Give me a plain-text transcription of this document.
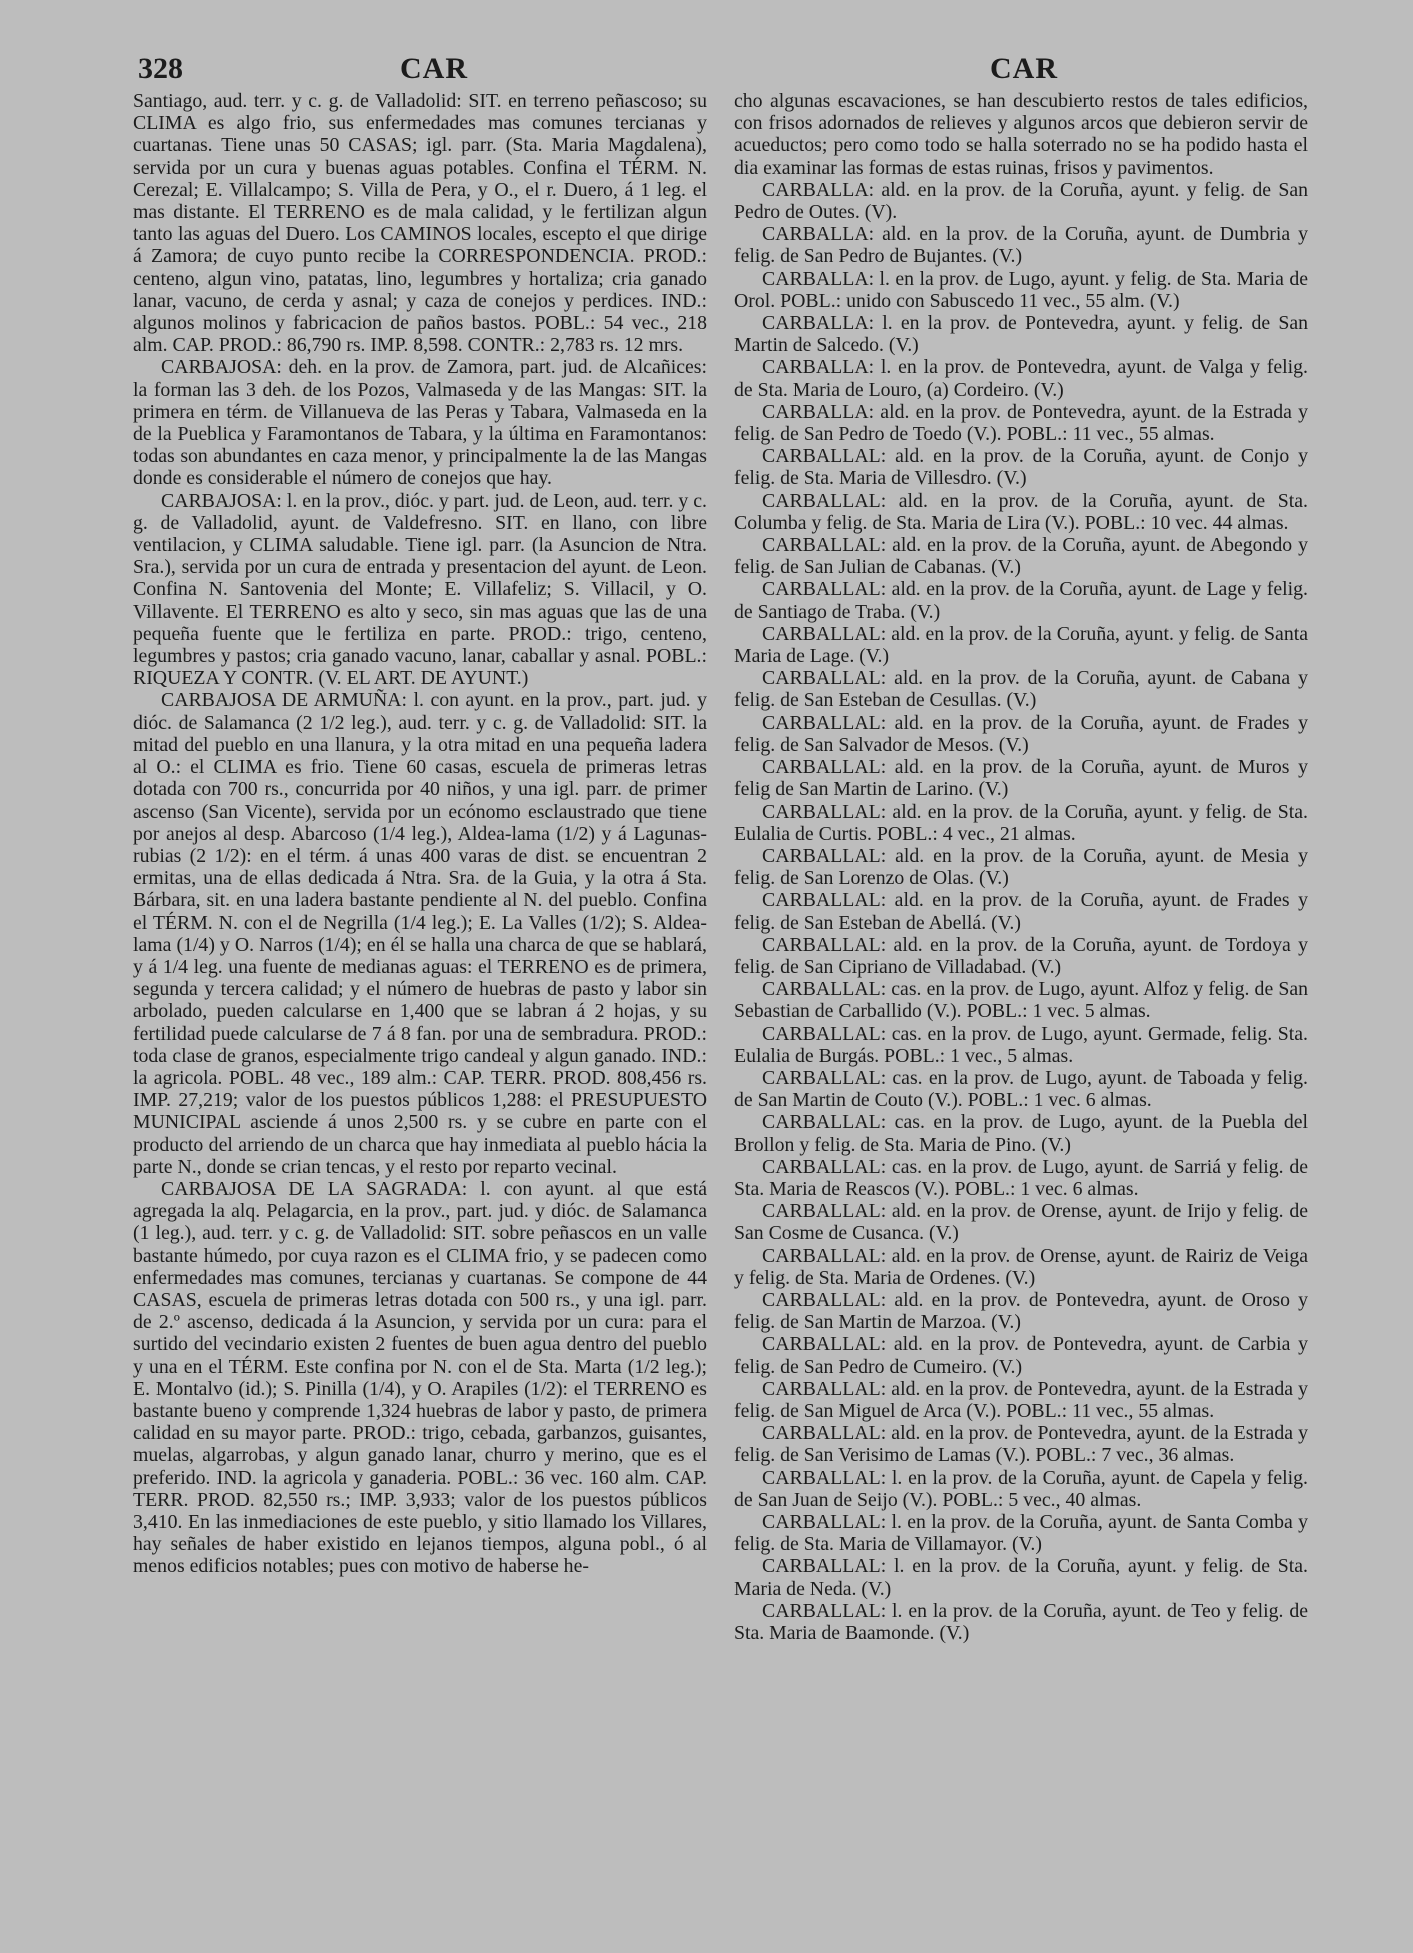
328	CAR	CAR

Santiago, aud. terr. y c. g. de Valladolid: SIT. en terreno peñascoso; su CLIMA es algo frio, sus enfermedades mas comunes tercianas y cuartanas. Tiene unas 50 CASAS; igl. parr. (Sta. Maria Magdalena), servida por un cura y buenas aguas potables. Confina el TÉRM. N. Cerezal; E. Villalcampo; S. Villa de Pera, y O., el r. Duero, á 1 leg. el mas distante. El TERRENO es de mala calidad, y le fertilizan algun tanto las aguas del Duero. Los CAMINOS locales, escepto el que dirige á Zamora; de cuyo punto recibe la CORRESPONDENCIA. PROD.: centeno, algun vino, patatas, lino, legumbres y hortaliza; cria ganado lanar, vacuno, de cerda y asnal; y caza de conejos y perdices. IND.: algunos molinos y fabricacion de paños bastos. POBL.: 54 vec., 218 alm. CAP. PROD.: 86,790 rs. IMP. 8,598. CONTR.: 2,783 rs. 12 mrs.

CARBAJOSA: deh. en la prov. de Zamora, part. jud. de Alcañices: la forman las 3 deh. de los Pozos, Valmaseda y de las Mangas: SIT. la primera en térm. de Villanueva de las Peras y Tabara, Valmaseda en la de la Pueblica y Faramontanos de Tabara, y la última en Faramontanos: todas son abundantes en caza menor, y principalmente la de las Mangas donde es considerable el número de conejos que hay.

CARBAJOSA: l. en la prov., dióc. y part. jud. de Leon, aud. terr. y c. g. de Valladolid, ayunt. de Valdefresno. SIT. en llano, con libre ventilacion, y CLIMA saludable. Tiene igl. parr. (la Asuncion de Ntra. Sra.), servida por un cura de entrada y presentacion del ayunt. de Leon. Confina N. Santovenia del Monte; E. Villafeliz; S. Villacil, y O. Villavente. El TERRENO es alto y seco, sin mas aguas que las de una pequeña fuente que le fertiliza en parte. PROD.: trigo, centeno, legumbres y pastos; cria ganado vacuno, lanar, caballar y asnal. POBL.: RIQUEZA Y CONTR. (V. EL ART. DE AYUNT.)

CARBAJOSA DE ARMUÑA: l. con ayunt. en la prov., part. jud. y dióc. de Salamanca (2 1/2 leg.), aud. terr. y c. g. de Valladolid: SIT. la mitad del pueblo en una llanura, y la otra mitad en una pequeña ladera al O.: el CLIMA es frio. Tiene 60 casas, escuela de primeras letras dotada con 700 rs., concurrida por 40 niños, y una igl. parr. de primer ascenso (San Vicente), servida por un ecónomo esclaustrado que tiene por anejos al desp. Abarcoso (1/4 leg.), Aldea-lama (1/2) y á Lagunas-rubias (2 1/2): en el térm. á unas 400 varas de dist. se encuentran 2 ermitas, una de ellas dedicada á Ntra. Sra. de la Guia, y la otra á Sta. Bárbara, sit. en una ladera bastante pendiente al N. del pueblo. Confina el TÉRM. N. con el de Negrilla (1/4 leg.); E. La Valles (1/2); S. Aldea-lama (1/4) y O. Narros (1/4); en él se halla una charca de que se hablará, y á 1/4 leg. una fuente de medianas aguas: el TERRENO es de primera, segunda y tercera calidad; y el número de huebras de pasto y labor sin arbolado, pueden calcularse en 1,400 que se labran á 2 hojas, y su fertilidad puede calcularse de 7 á 8 fan. por una de sembradura. PROD.: toda clase de granos, especialmente trigo candeal y algun ganado. IND.: la agricola. POBL. 48 vec., 189 alm.: CAP. TERR. PROD. 808,456 rs. IMP. 27,219; valor de los puestos públicos 1,288: el PRESUPUESTO MUNICIPAL asciende á unos 2,500 rs. y se cubre en parte con el producto del arriendo de un charca que hay inmediata al pueblo hácia la parte N., donde se crian tencas, y el resto por reparto vecinal.

CARBAJOSA DE LA SAGRADA: l. con ayunt. al que está agregada la alq. Pelagarcia, en la prov., part. jud. y dióc. de Salamanca (1 leg.), aud. terr. y c. g. de Valladolid: SIT. sobre peñascos en un valle bastante húmedo, por cuya razon es el CLIMA frio, y se padecen como enfermedades mas comunes, tercianas y cuartanas. Se compone de 44 CASAS, escuela de primeras letras dotada con 500 rs., y una igl. parr. de 2.º ascenso, dedicada á la Asuncion, y servida por un cura: para el surtido del vecindario existen 2 fuentes de buen agua dentro del pueblo y una en el TÉRM. Este confina por N. con el de Sta. Marta (1/2 leg.); E. Montalvo (id.); S. Pinilla (1/4), y O. Arapiles (1/2): el TERRENO es bastante bueno y comprende 1,324 huebras de labor y pasto, de primera calidad en su mayor parte. PROD.: trigo, cebada, garbanzos, guisantes, muelas, algarrobas, y algun ganado lanar, churro y merino, que es el preferido. IND. la agricola y ganaderia. POBL.: 36 vec. 160 alm. CAP. TERR. PROD. 82,550 rs.; IMP. 3,933; valor de los puestos públicos 3,410. En las inmediaciones de este pueblo, y sitio llamado los Villares, hay señales de haber existido en lejanos tiempos, alguna pobl., ó al menos edificios notables; pues con motivo de haberse he-

cho algunas escavaciones, se han descubierto restos de tales edificios, con frisos adornados de relieves y algunos arcos que debieron servir de acueductos; pero como todo se halla soterrado no se ha podido hasta el dia examinar las formas de estas ruinas, frisos y pavimentos.

CARBALLA: ald. en la prov. de la Coruña, ayunt. y felig. de San Pedro de Outes. (V).

CARBALLA: ald. en la prov. de la Coruña, ayunt. de Dumbria y felig. de San Pedro de Bujantes. (V.)

CARBALLA: l. en la prov. de Lugo, ayunt. y felig. de Sta. Maria de Orol. POBL.: unido con Sabuscedo 11 vec., 55 alm. (V.)

CARBALLA: l. en la prov. de Pontevedra, ayunt. y felig. de San Martin de Salcedo. (V.)

CARBALLA: l. en la prov. de Pontevedra, ayunt. de Valga y felig. de Sta. Maria de Louro, (a) Cordeiro. (V.)

CARBALLA: ald. en la prov. de Pontevedra, ayunt. de la Estrada y felig. de San Pedro de Toedo (V.). POBL.: 11 vec., 55 almas.

CARBALLAL: ald. en la prov. de la Coruña, ayunt. de Conjo y felig. de Sta. Maria de Villesdro. (V.)

CARBALLAL: ald. en la prov. de la Coruña, ayunt. de Sta. Columba y felig. de Sta. Maria de Lira (V.). POBL.: 10 vec. 44 almas.

CARBALLAL: ald. en la prov. de la Coruña, ayunt. de Abegondo y felig. de San Julian de Cabanas. (V.)

CARBALLAL: ald. en la prov. de la Coruña, ayunt. de Lage y felig. de Santiago de Traba. (V.)

CARBALLAL: ald. en la prov. de la Coruña, ayunt. y felig. de Santa Maria de Lage. (V.)

CARBALLAL: ald. en la prov. de la Coruña, ayunt. de Cabana y felig. de San Esteban de Cesullas. (V.)

CARBALLAL: ald. en la prov. de la Coruña, ayunt. de Frades y felig. de San Salvador de Mesos. (V.)

CARBALLAL: ald. en la prov. de la Coruña, ayunt. de Muros y felig de San Martin de Larino. (V.)

CARBALLAL: ald. en la prov. de la Coruña, ayunt. y felig. de Sta. Eulalia de Curtis. POBL.: 4 vec., 21 almas.

CARBALLAL: ald. en la prov. de la Coruña, ayunt. de Mesia y felig. de San Lorenzo de Olas. (V.)

CARBALLAL: ald. en la prov. de la Coruña, ayunt. de Frades y felig. de San Esteban de Abellá. (V.)

CARBALLAL: ald. en la prov. de la Coruña, ayunt. de Tordoya y felig. de San Cipriano de Villadabad. (V.)

CARBALLAL: cas. en la prov. de Lugo, ayunt. Alfoz y felig. de San Sebastian de Carballido (V.). POBL.: 1 vec. 5 almas.

CARBALLAL: cas. en la prov. de Lugo, ayunt. Germade, felig. Sta. Eulalia de Burgás. POBL.: 1 vec., 5 almas.

CARBALLAL: cas. en la prov. de Lugo, ayunt. de Taboada y felig. de San Martin de Couto (V.). POBL.: 1 vec. 6 almas.

CARBALLAL: cas. en la prov. de Lugo, ayunt. de la Puebla del Brollon y felig. de Sta. Maria de Pino. (V.)

CARBALLAL: cas. en la prov. de Lugo, ayunt. de Sarriá y felig. de Sta. Maria de Reascos (V.). POBL.: 1 vec. 6 almas.

CARBALLAL: ald. en la prov. de Orense, ayunt. de Irijo y felig. de San Cosme de Cusanca. (V.)

CARBALLAL: ald. en la prov. de Orense, ayunt. de Rairiz de Veiga y felig. de Sta. Maria de Ordenes. (V.)

CARBALLAL: ald. en la prov. de Pontevedra, ayunt. de Oroso y felig. de San Martin de Marzoa. (V.)

CARBALLAL: ald. en la prov. de Pontevedra, ayunt. de Carbia y felig. de San Pedro de Cumeiro. (V.)

CARBALLAL: ald. en la prov. de Pontevedra, ayunt. de la Estrada y felig. de San Miguel de Arca (V.). POBL.: 11 vec., 55 almas.

CARBALLAL: ald. en la prov. de Pontevedra, ayunt. de la Estrada y felig. de San Verisimo de Lamas (V.). POBL.: 7 vec., 36 almas.

CARBALLAL: l. en la prov. de la Coruña, ayunt. de Capela y felig. de San Juan de Seijo (V.). POBL.: 5 vec., 40 almas.

CARBALLAL: l. en la prov. de la Coruña, ayunt. de Santa Comba y felig. de Sta. Maria de Villamayor. (V.)

CARBALLAL: l. en la prov. de la Coruña, ayunt. y felig. de Sta. Maria de Neda. (V.)

CARBALLAL: l. en la prov. de la Coruña, ayunt. de Teo y felig. de Sta. Maria de Baamonde. (V.)
